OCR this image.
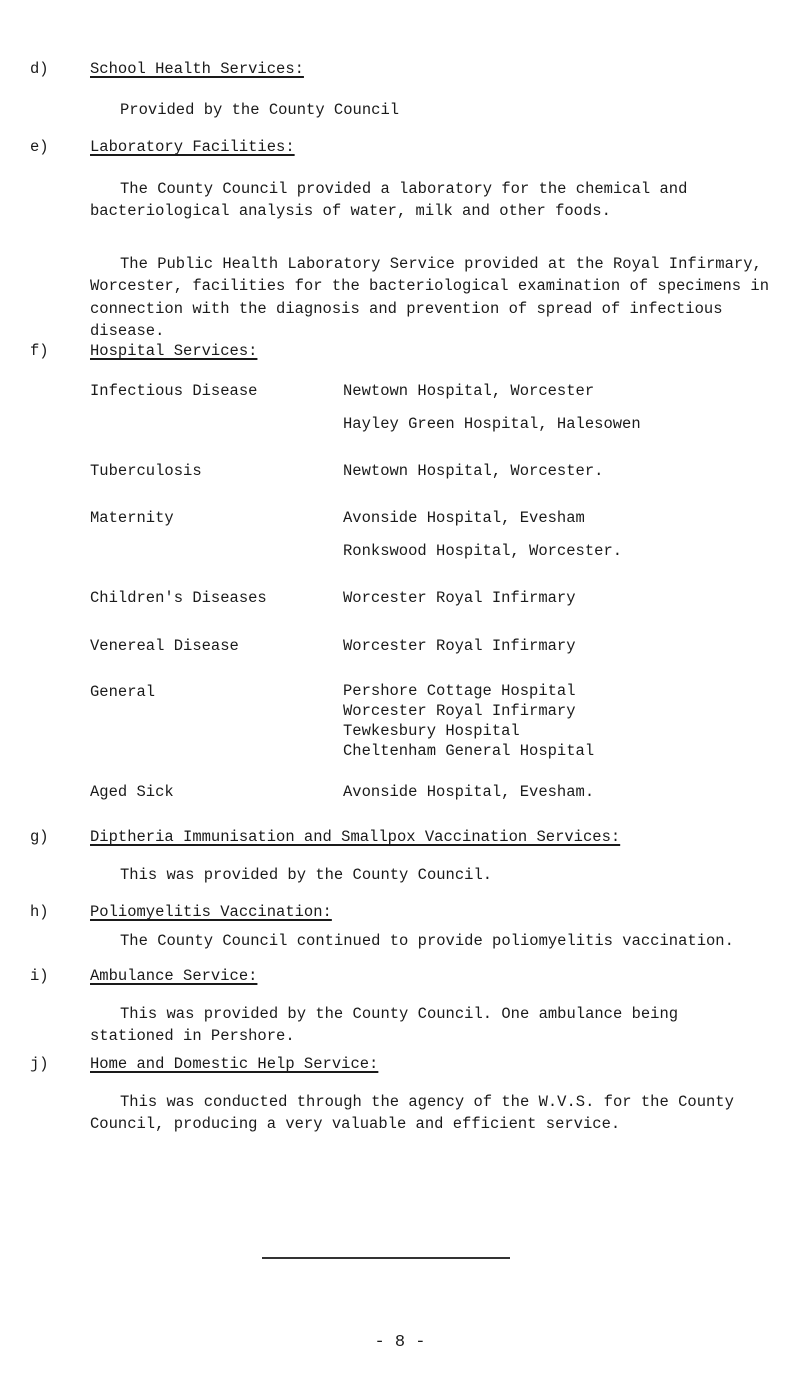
d)	School Health Services:
Provided by the County Council
e)	Laboratory Facilities:
The County Council provided a laboratory for the chemical and bacteriological analysis of water, milk and other foods.
The Public Health Laboratory Service provided at the Royal Infirmary, Worcester, facilities for the bacteriological examination of specimens in connection with the diagnosis and prevention of spread of infectious disease.
f)	Hospital Services:
Infectious Disease	Newtown Hospital, Worcester
Hayley Green Hospital, Halesowen
Tuberculosis	Newtown Hospital, Worcester.
Maternity	Avonside Hospital, Evesham
Ronkswood Hospital, Worcester.
Children's Diseases	Worcester Royal Infirmary
Venereal Disease	Worcester Royal Infirmary
General	Pershore Cottage Hospital
Worcester Royal Infirmary
Tewkesbury Hospital
Cheltenham General Hospital
Aged Sick	Avonside Hospital, Evesham.
g)	Diptheria Immunisation and Smallpox Vaccination Services:
This was provided by the County Council.
h)	Poliomyelitis Vaccination:
The County Council continued to provide poliomyelitis vaccination.
i)	Ambulance Service:
This was provided by the County Council. One ambulance being stationed in Pershore.
j)	Home and Domestic Help Service:
This was conducted through the agency of the W.V.S. for the County Council, producing a very valuable and efficient service.
- 8 -
